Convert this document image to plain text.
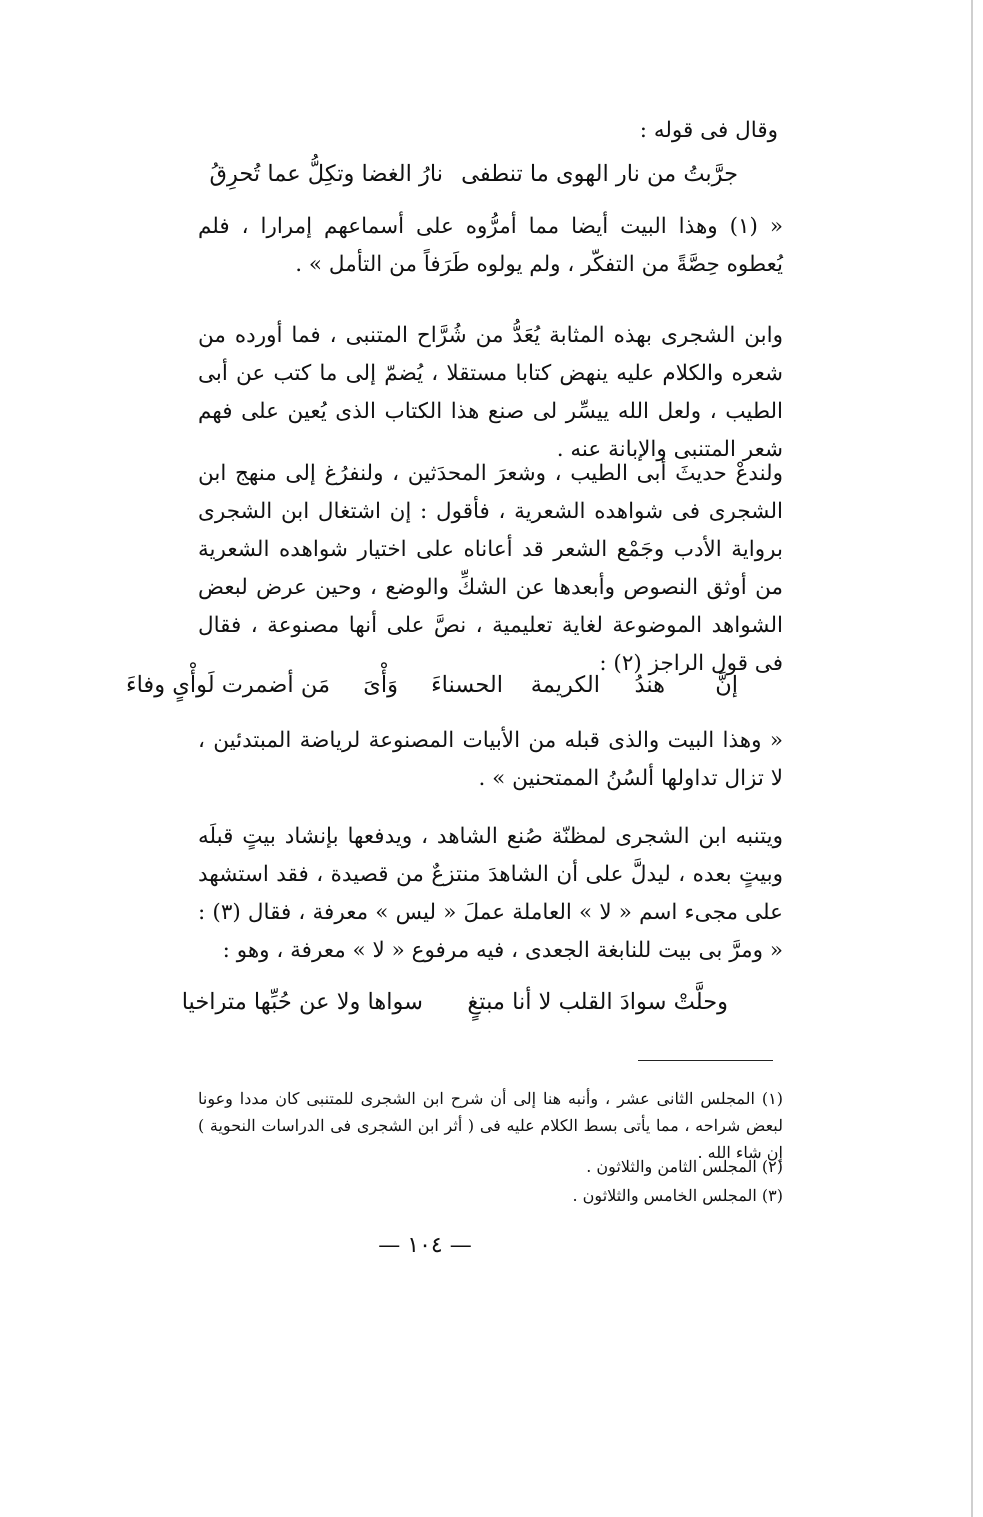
وقال فى قوله :
جرَّبتُ من نار الهوى ما تنطفى
نارُ الغضا وتكِلُّ عما تُحرِقُ
« (١) وهذا البيت أيضا مما أمرُّوه على أسماعهم إمرارا ، فلم يُعطوه حِصَّةً من التفكّر ، ولم يولوه طَرَفاً من التأمل » .
وابن الشجرى بهذه المثابة يُعَدُّ من شُرَّاح المتنبى ، فما أورده من شعره والكلام عليه ينهض كتابا مستقلا ، يُضمّ إلى ما كتب عن أبى الطيب ، ولعل الله ييسِّر لى صنع هذا الكتاب الذى يُعين على فهم شعر المتنبى والإبانة عنه .
ولندعْ حديثَ أبى الطيب ، وشعرَ المحدَثين ، ولنفرُغ إلى منهج ابن الشجرى فى شواهده الشعرية ، فأقول : إن اشتغال ابن الشجرى برواية الأدب وجَمْع الشعر قد أعاناه على اختيار شواهده الشعرية من أوثق النصوص وأبعدها عن الشكِّ والوضع ، وحين عرض لبعض الشواهد الموضوعة لغاية تعليمية ، نصَّ على أنها مصنوعة ، فقال فى قول الراجز (٢) :
إنَّ
هندُ
الكريمة
الحسناءَ
وَأْىَ
مَن أضمرت لَوأْىٍ وفاءَ
« وهذا البيت والذى قبله من الأبيات المصنوعة لرياضة المبتدئين ، لا تزال تداولها ألسُنُ الممتحنين » .
ويتنبه ابن الشجرى لمظنّة صُنع الشاهد ، ويدفعها بإنشاد بيتٍ قبلَه وبيتٍ بعده ، ليدلَّ على أن الشاهدَ منتزعٌ من قصيدة ، فقد استشهد على مجىء اسم « لا » العاملة عملَ « ليس » معرفة ، فقال (٣) : « ومرَّ بى بيت للنابغة الجعدى ، فيه مرفوع « لا » معرفة ، وهو :
وحلَّتْ سوادَ القلب لا أنا مبتغٍ
سواها ولا عن حُبِّها متراخيا
(١) المجلس الثانى عشر ، وأنبه هنا إلى أن شرح ابن الشجرى للمتنبى كان مددا وعونا لبعض شراحه ، مما يأتى بسط الكلام عليه فى ( أثر ابن الشجرى فى الدراسات النحوية ) إن شاء الله .
(٢) المجلس الثامن والثلاثون .
(٣) المجلس الخامس والثلاثون .
— ١٠٤ —
